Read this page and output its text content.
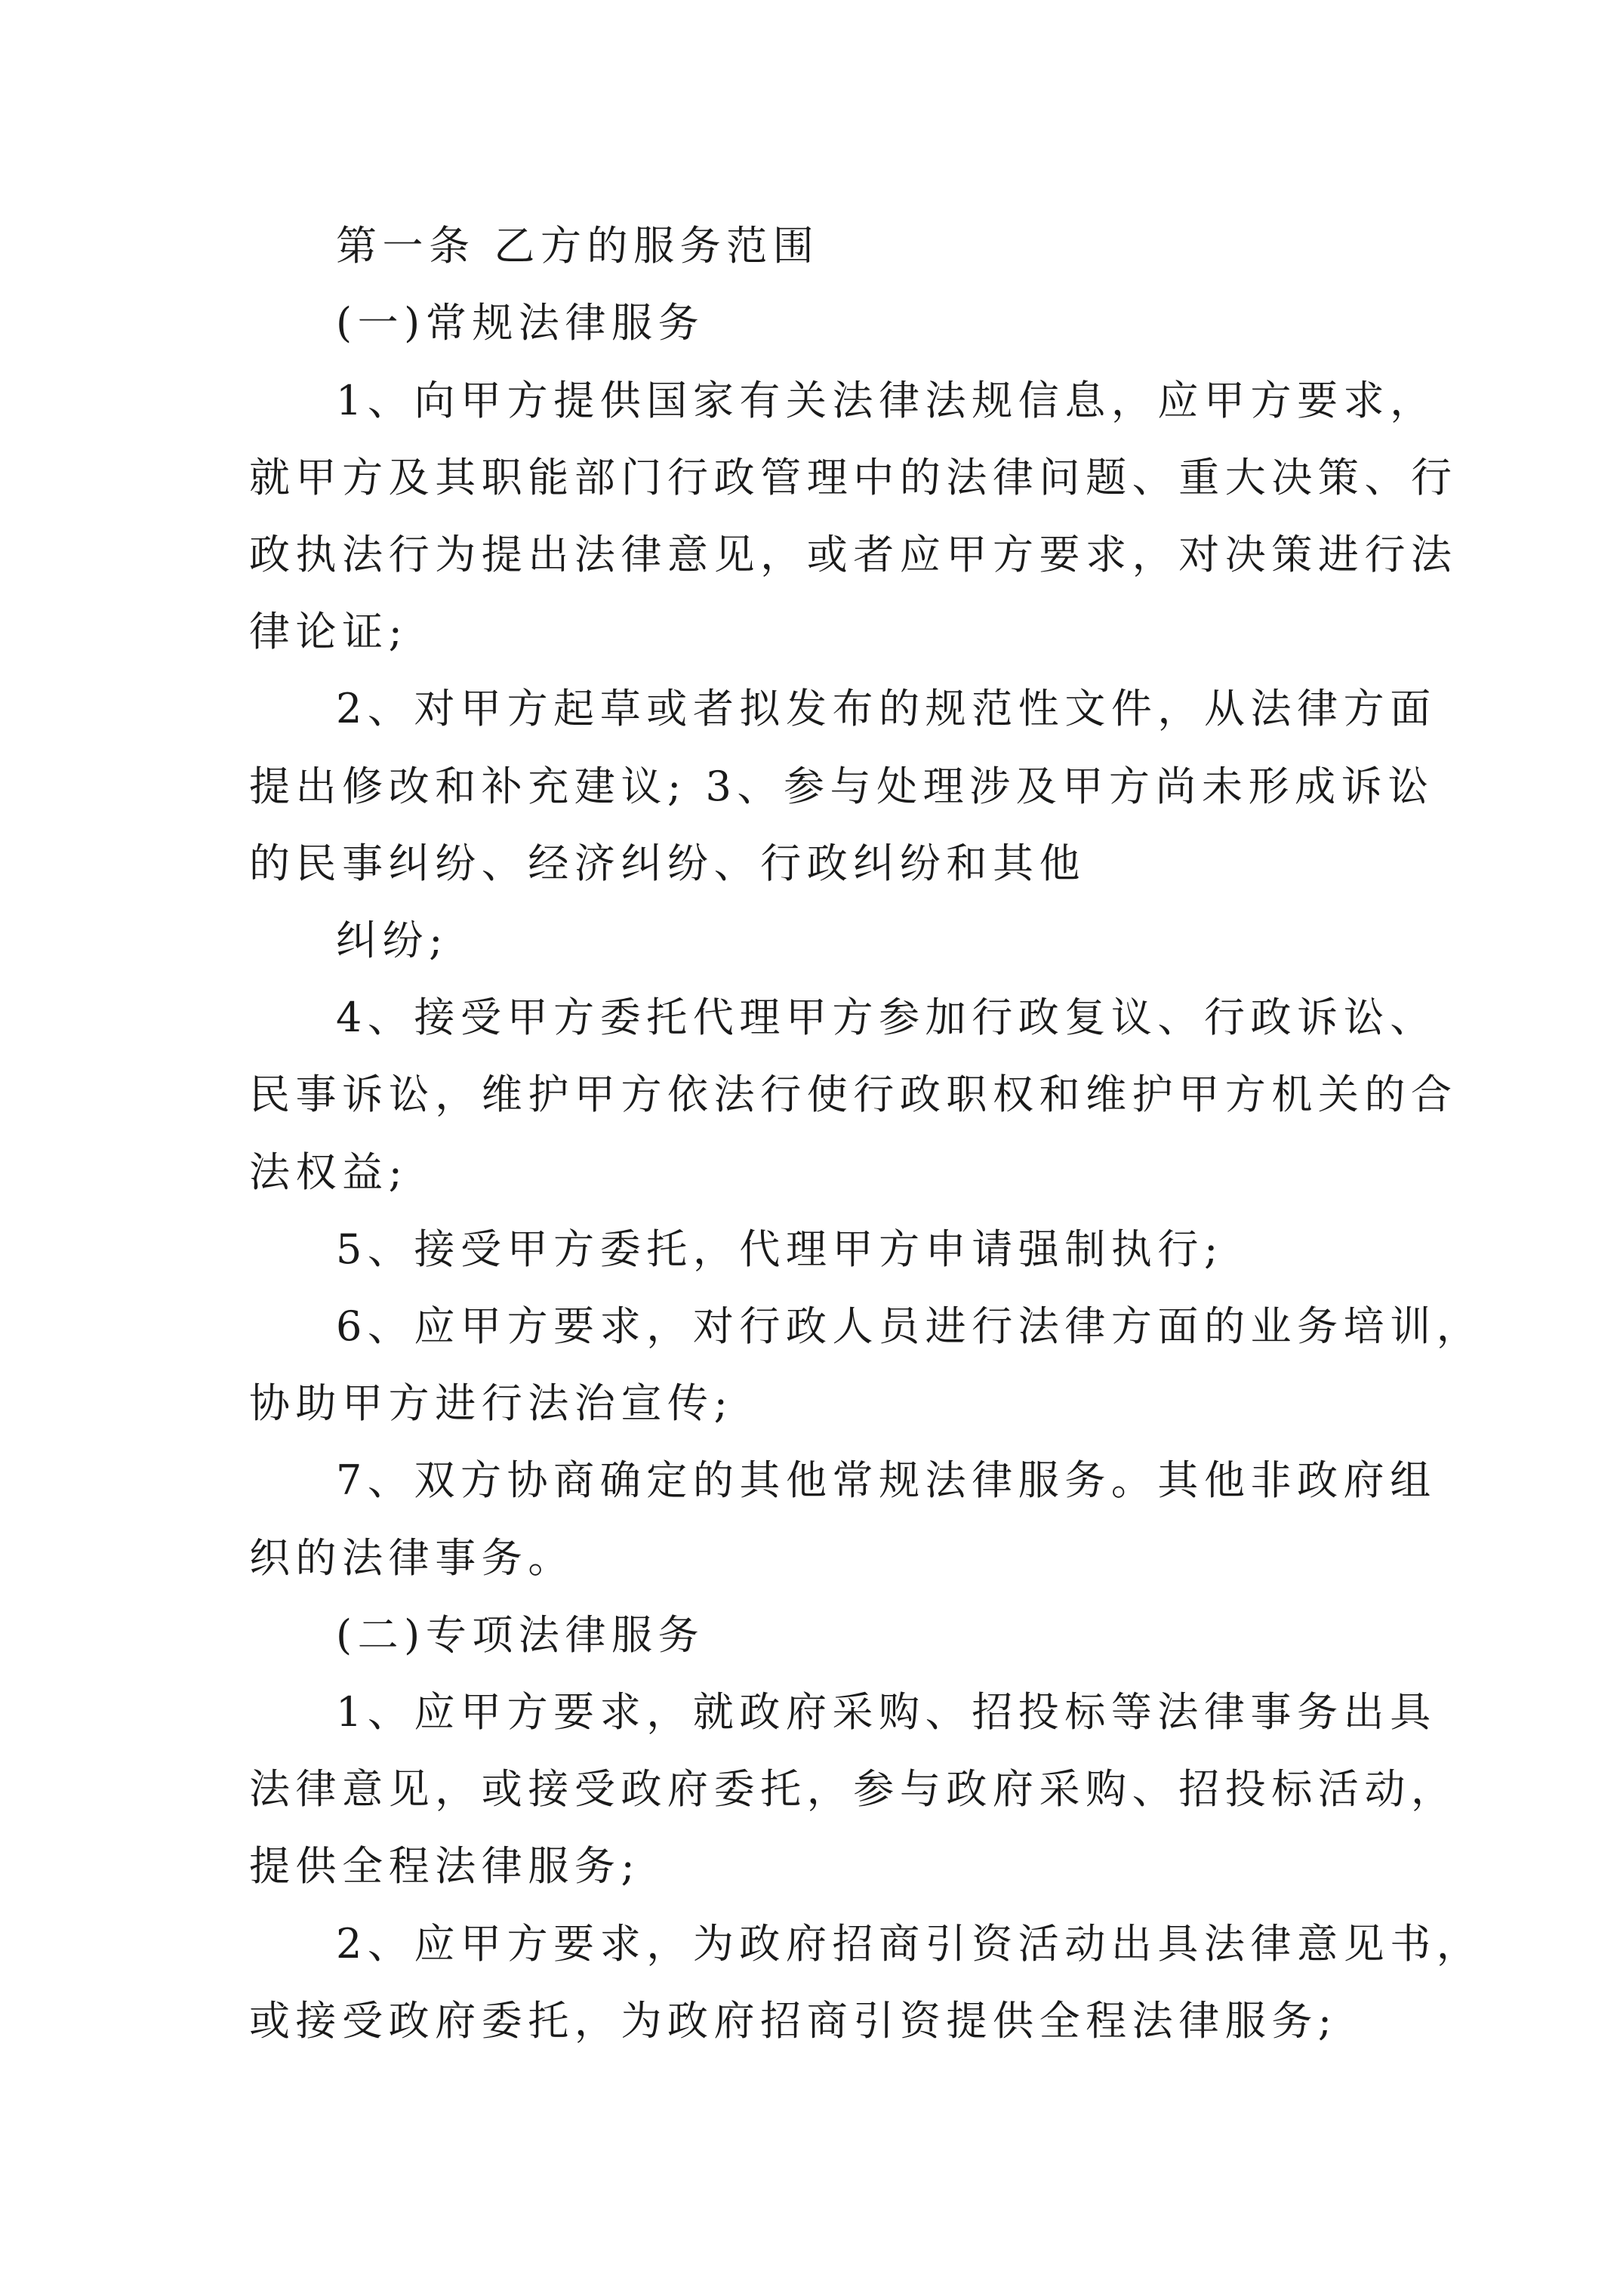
第一条 乙方的服务范围
(一)常规法律服务
1、向甲方提供国家有关法律法规信息，应甲方要求，
就甲方及其职能部门行政管理中的法律问题、重大决策、行
政执法行为提出法律意见，或者应甲方要求，对决策进行法
律论证;
2、对甲方起草或者拟发布的规范性文件，从法律方面
提出修改和补充建议; 3、参与处理涉及甲方尚未形成诉讼
的民事纠纷、经济纠纷、行政纠纷和其他
纠纷;
4、接受甲方委托代理甲方参加行政复议、行政诉讼、
民事诉讼，维护甲方依法行使行政职权和维护甲方机关的合
法权益;
5、接受甲方委托，代理甲方申请强制执行;
6、应甲方要求，对行政人员进行法律方面的业务培训，
协助甲方进行法治宣传;
7、双方协商确定的其他常规法律服务。其他非政府组
织的法律事务。
(二)专项法律服务
1、应甲方要求，就政府采购、招投标等法律事务出具
法律意见，或接受政府委托，参与政府采购、招投标活动，
提供全程法律服务;
2、应甲方要求，为政府招商引资活动出具法律意见书，
或接受政府委托，为政府招商引资提供全程法律服务;
